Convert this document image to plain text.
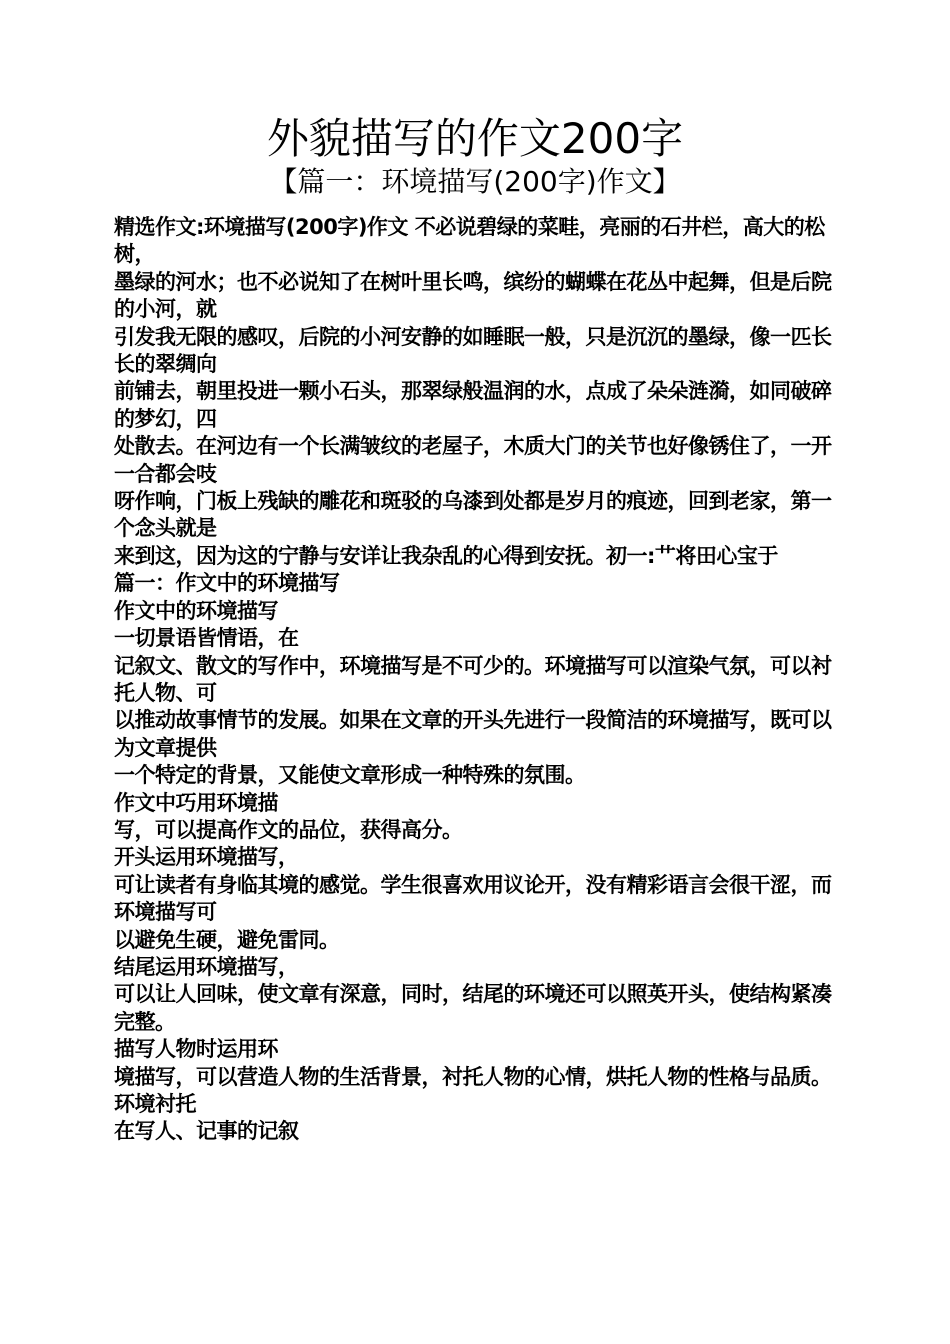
外貌描写的作文200字
【篇一：环境描写(200字)作文】

精选作文:环境描写(200字)作文 不必说碧绿的菜畦，亮丽的石井栏，高大的松树，
墨绿的河水；也不必说知了在树叶里长鸣，缤纷的蝴蝶在花丛中起舞，但是后院的小河，就
引发我无限的感叹，后院的小河安静的如睡眠一般，只是沉沉的墨绿，像一匹长长的翠绸向
前铺去，朝里投进一颗小石头，那翠绿般温润的水，点成了朵朵涟漪，如同破碎的梦幻，四
处散去。在河边有一个长满皱纹的老屋子，木质大门的关节也好像锈住了，一开一合都会吱
呀作响，门板上残缺的雕花和斑驳的乌漆到处都是岁月的痕迹，回到老家，第一个念头就是
来到这，因为这的宁静与安详让我杂乱的心得到安抚。初一:艹将田心宝于
篇一：作文中的环境描写
作文中的环境描写
一切景语皆情语，在
记叙文、散文的写作中，环境描写是不可少的。环境描写可以渲染气氛，可以衬托人物、可
以推动故事情节的发展。如果在文章的开头先进行一段简洁的环境描写，既可以为文章提供
一个特定的背景，又能使文章形成一种特殊的氛围。
作文中巧用环境描
写，可以提高作文的品位，获得高分。
开头运用环境描写，
可让读者有身临其境的感觉。学生很喜欢用议论开，没有精彩语言会很干涩，而环境描写可
以避免生硬，避免雷同。
结尾运用环境描写，
可以让人回味，使文章有深意，同时，结尾的环境还可以照英开头，使结构紧凑完整。
描写人物时运用环
境描写，可以营造人物的生活背景，衬托人物的心情，烘托人物的性格与品质。
环境衬托
在写人、记事的记叙
